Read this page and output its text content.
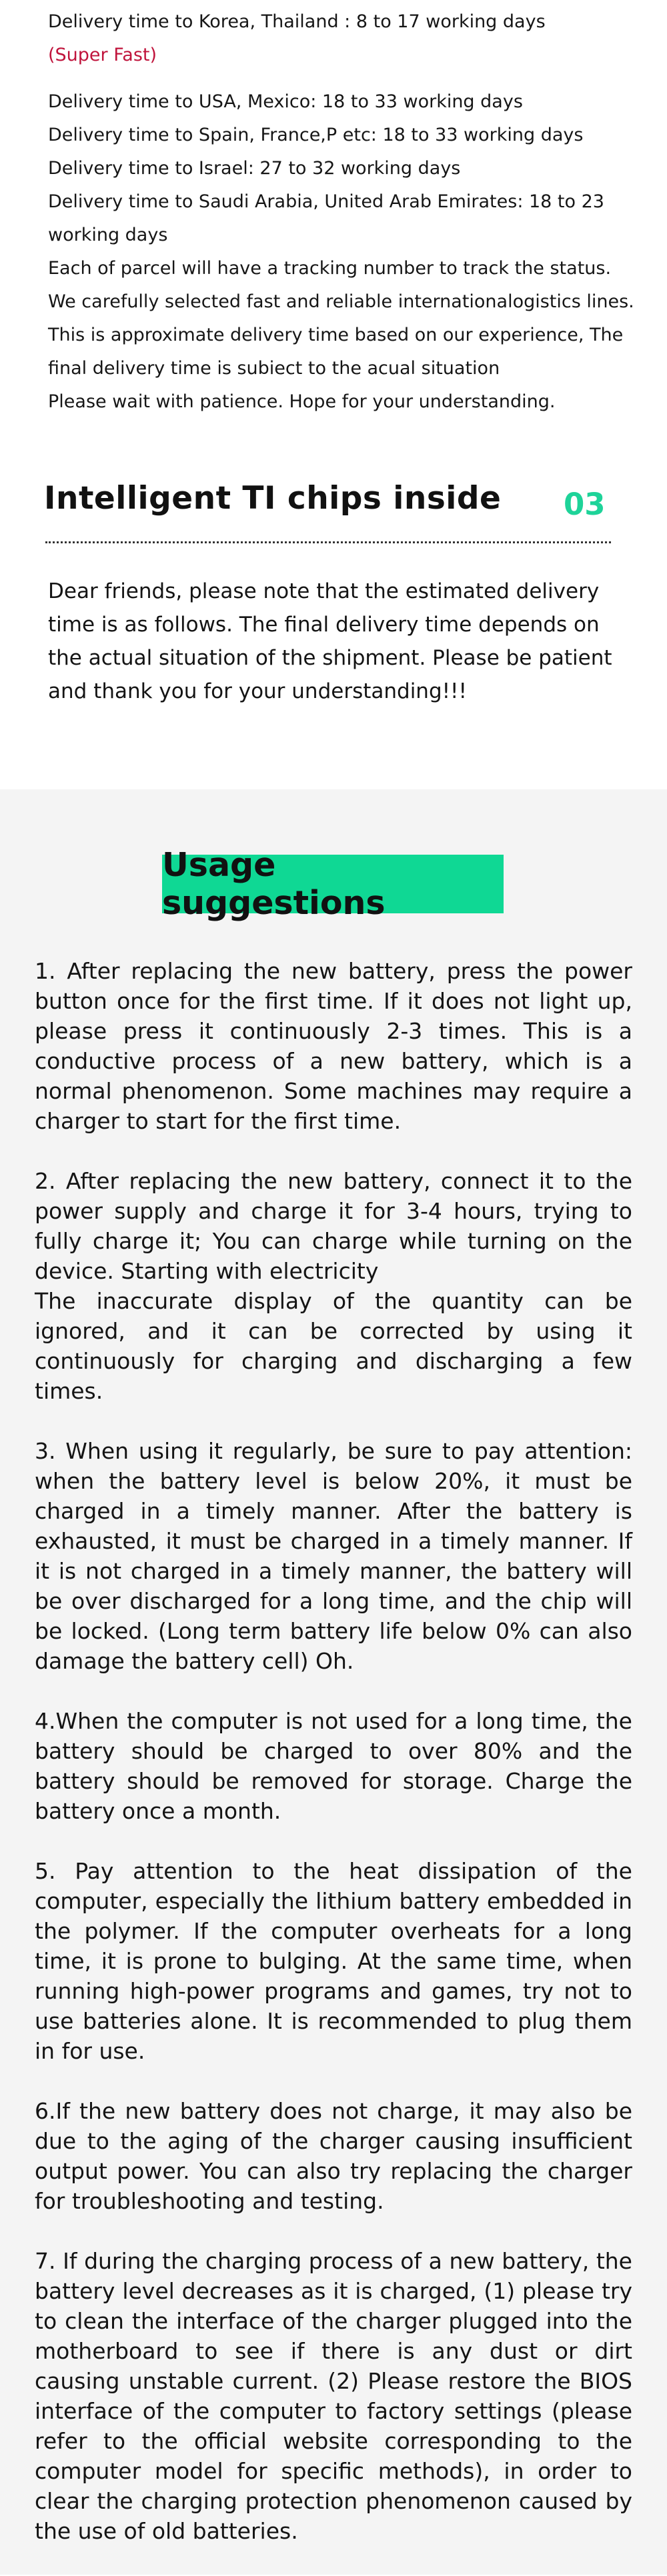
Delivery time to Korea, Thailand : 8 to 17 working days
(Super Fast)
Delivery time to USA, Mexico: 18 to 33 working days
Delivery time to Spain, France,P etc: 18 to 33 working days
Delivery time to Israel: 27 to 32 working days
Delivery time to Saudi Arabia, United Arab Emirates: 18 to 23 working days
Each of parcel will have a tracking number to track the status. We carefully selected fast and reliable internationalogistics lines.
This is approximate delivery time based on our experience, The final delivery time is subiect to the acual situation
Please wait with patience. Hope for your understanding.
Intelligent TI chips inside 03
Dear friends, please note that the estimated delivery time is as follows. The final delivery time depends on the actual situation of the shipment. Please be patient and thank you for your understanding!!!
Usage suggestions

1. After replacing the new battery, press the power button once for the first time. If it does not light up, please press it continuously 2-3 times. This is a conductive process of a new battery, which is a normal phenomenon. Some machines may require a charger to start for the first time.

2. After replacing the new battery, connect it to the power supply and charge it for 3-4 hours, trying to fully charge it; You can charge while turning on the device. Starting with electricity
The inaccurate display of the quantity can be ignored, and it can be corrected by using it continuously for charging and discharging a few times.

3. When using it regularly, be sure to pay attention: when the battery level is below 20%, it must be charged in a timely manner. After the battery is exhausted, it must be charged in a timely manner. If it is not charged in a timely manner, the battery will be over discharged for a long time, and the chip will be locked. (Long term battery life below 0% can also damage the battery cell) Oh.

4.When the computer is not used for a long time, the battery should be charged to over 80% and the battery should be removed for storage. Charge the battery once a month.

5. Pay attention to the heat dissipation of the computer, especially the lithium battery embedded in the polymer. If the computer overheats for a long time, it is prone to bulging. At the same time, when running high-power programs and games, try not to use batteries alone. It is recommended to plug them in for use.

6.If the new battery does not charge, it may also be due to the aging of the charger causing insufficient output power. You can also try replacing the charger for troubleshooting and testing.

7. If during the charging process of a new battery, the battery level decreases as it is charged, (1) please try to clean the interface of the charger plugged into the motherboard to see if there is any dust or dirt causing unstable current. (2) Please restore the BIOS interface of the computer to factory settings (please refer to the official website corresponding to the computer model for specific methods), in order to clear the charging protection phenomenon caused by the use of old batteries.
